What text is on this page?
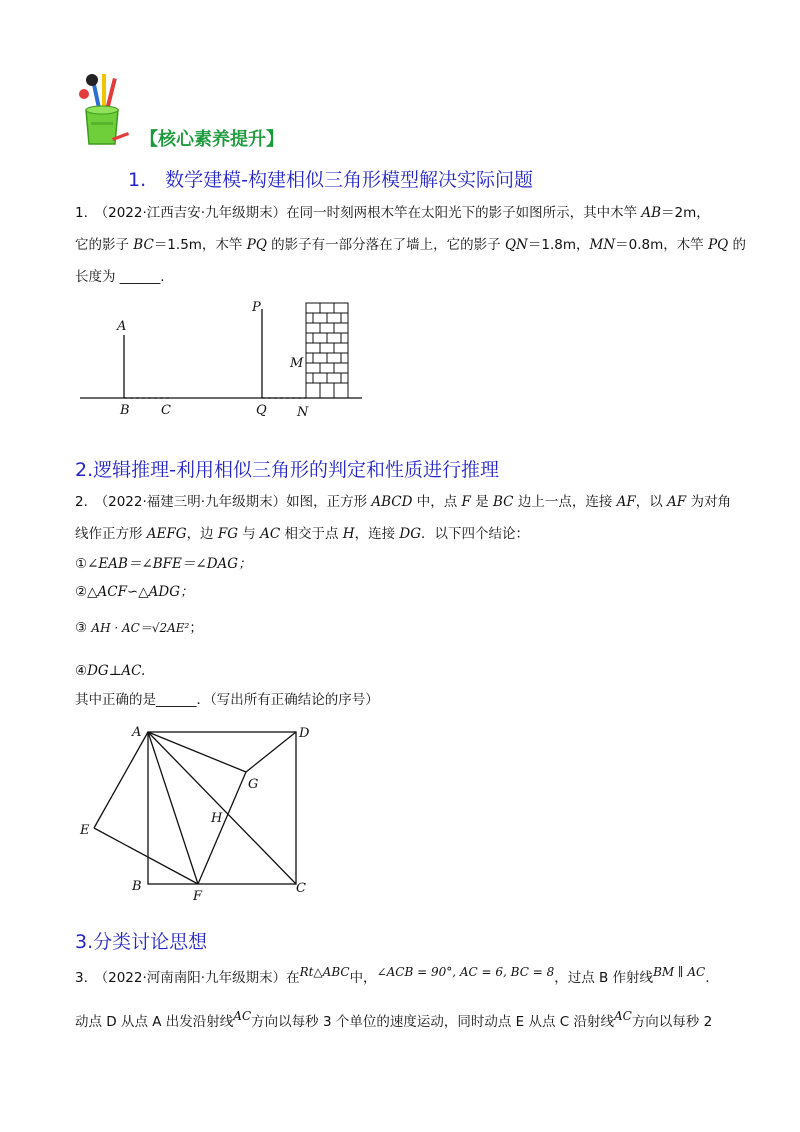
【核心素养提升】
1.　数学建模-构建相似三角形模型解决实际问题
1.　（2022·江西吉安·九年级期末）在同一时刻两根木竿在太阳光下的影子如图所示，其中木竿 AB＝2m，
它的影子 BC＝1.5m，木竿 PQ 的影子有一部分落在了墙上，它的影子 QN＝1.8m，MN＝0.8m，木竿 PQ 的
长度为 ______.
A
B C
P
Q
M
N
2.逻辑推理-利用相似三角形的判定和性质进行推理
2.　（2022·福建三明·九年级期末）如图，正方形 ABCD 中，点 F 是 BC 边上一点，连接 AF，以 AF 为对角
线作正方形 AEFG，边 FG 与 AC 相交于点 H，连接 DG．以下四个结论：
①∠EAB＝∠BFE＝∠DAG；
②△ACF∽△ADG；
③ AH · AC＝√2AE²；
④DG⊥AC.
其中正确的是______．（写出所有正确结论的序号）
A	D
B	C
E
F
G
H
3.分类讨论思想
3.　（2022·河南南阳·九年级期末）在Rt△ABC中，∠ACB = 90°, AC = 6, BC = 8，过点 B 作射线BM ∥ AC.
动点 D 从点 A 出发沿射线AC方向以每秒 3 个单位的速度运动，同时动点 E 从点 C 沿射线AC方向以每秒 2
